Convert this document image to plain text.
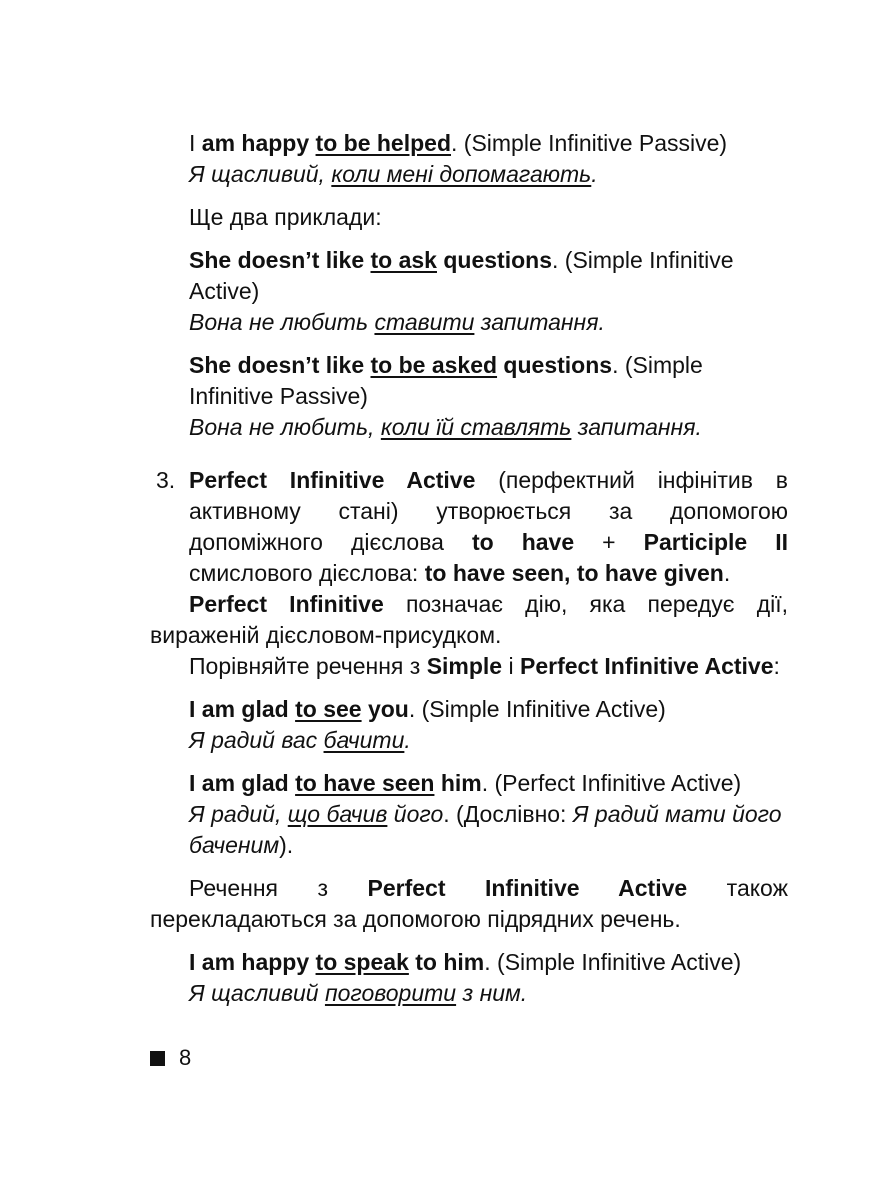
I am happy to be helped. (Simple Infinitive Passive)

Я щасливий, коли мені допомагають.

Ще два приклади:

She doesn’t like to ask questions. (Simple Infinitive Active)

Вона не любить ставити запитання.

She doesn’t like to be asked questions. (Simple Infinitive Passive)

Вона не любить, коли їй ставлять запитання.

3. Perfect Infinitive Active (перфектний інфінітив в активному стані) утворюється за допомогою допоміжного дієслова to have + Participle II смислового дієслова: to have seen, to have given.

Perfect Infinitive позначає дію, яка передує дії, вираженій дієсловом-присудком.

Порівняйте речення з Simple і Perfect Infinitive Active:

I am glad to see you. (Simple Infinitive Active)

Я радий вас бачити.

I am glad to have seen him. (Perfect Infinitive Active)

Я радий, що бачив його. (Дослівно: Я радий мати його баченим).

Речення з Perfect Infinitive Active також перекладаються за допомогою підрядних речень.

I am happy to speak to him. (Simple Infinitive Active)

Я щасливий поговорити з ним.

8
